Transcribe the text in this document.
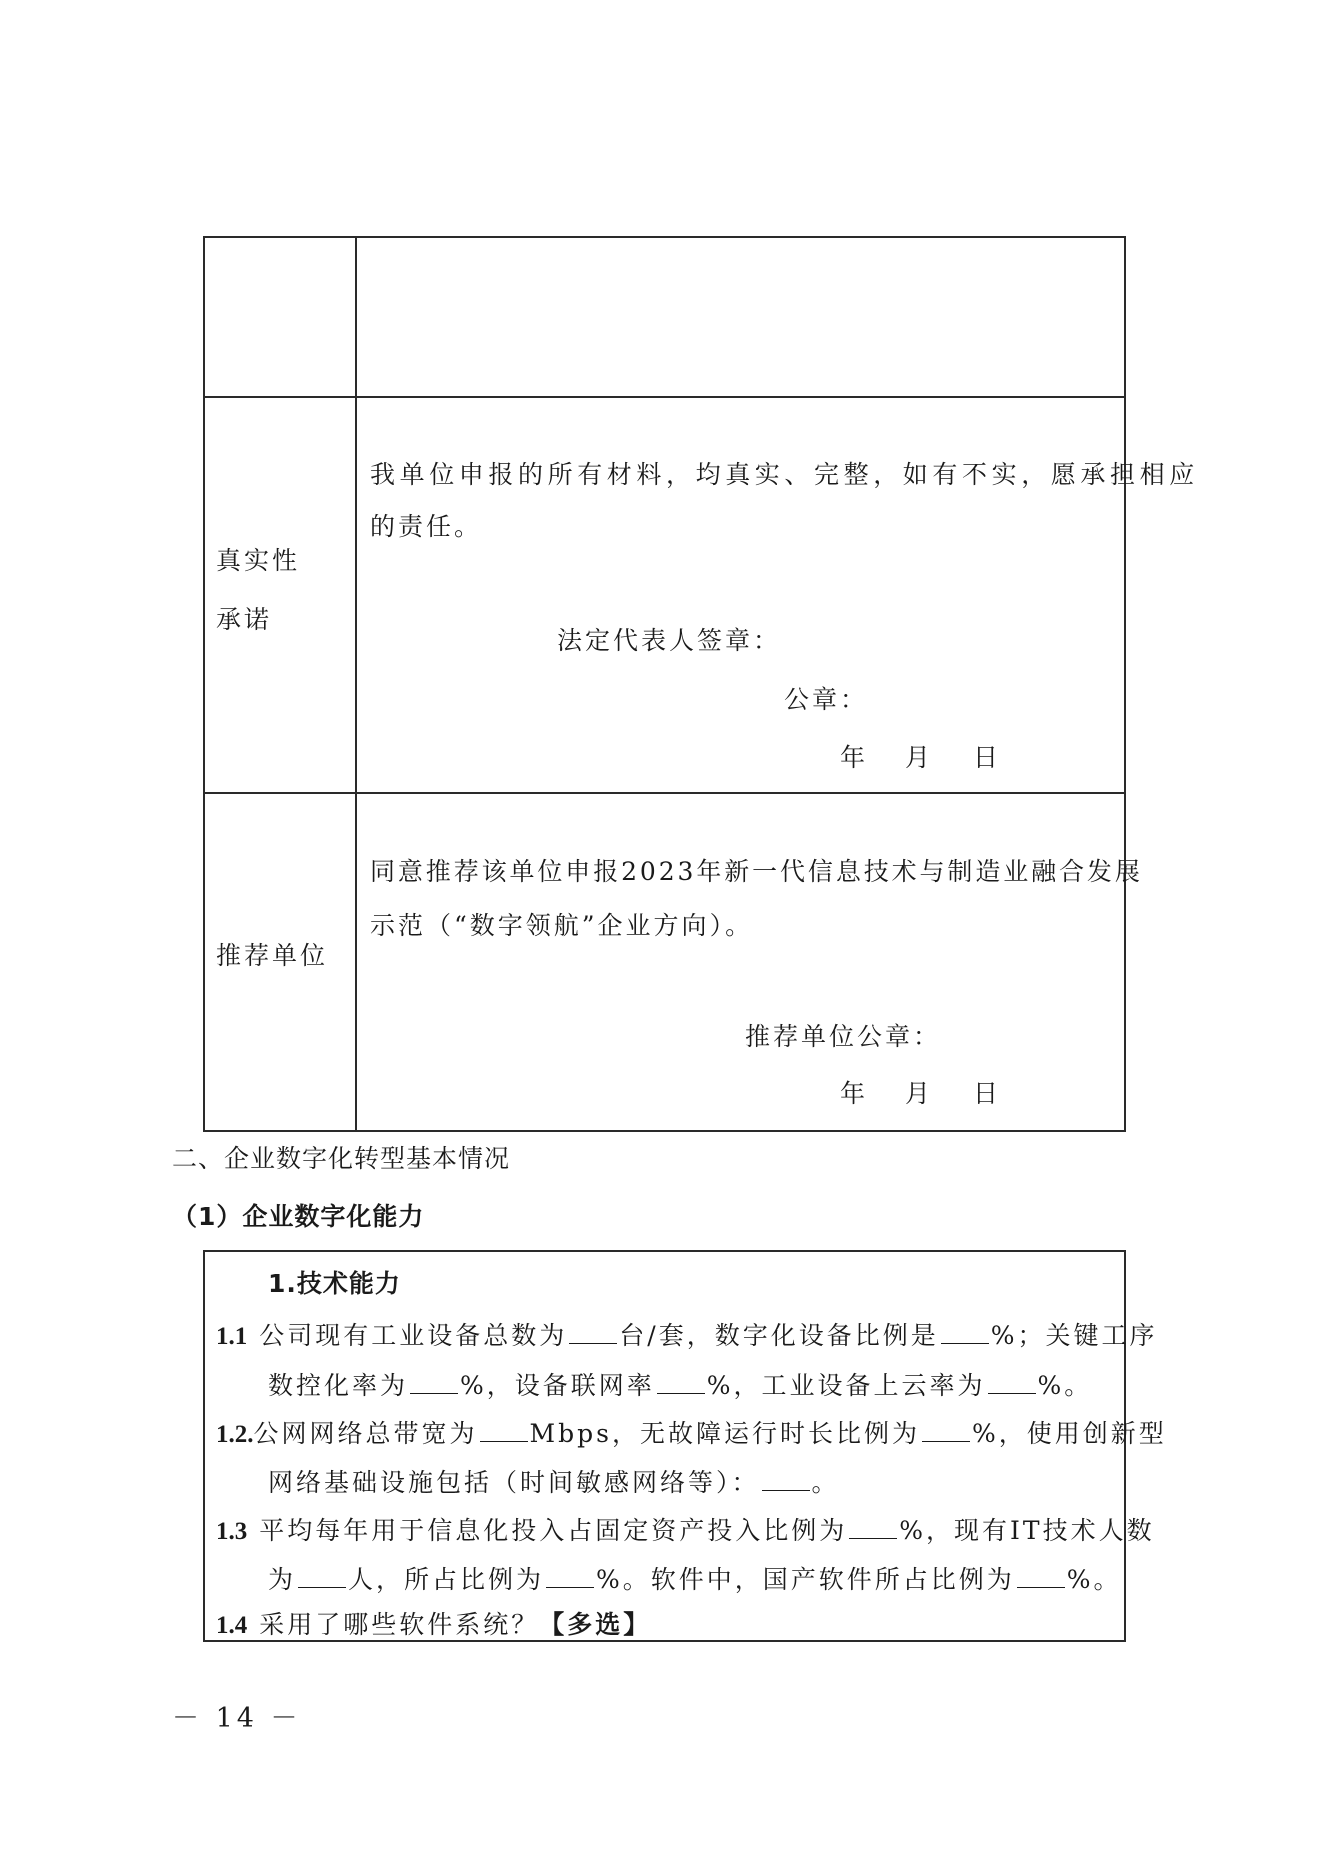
真实性
承诺
我单位申报的所有材料，均真实、完整，如有不实，愿承担相应
的责任。
法定代表人签章：
公章：
年 月 日
推荐单位
同意推荐该单位申报2023年新一代信息技术与制造业融合发展
示范（“数字领航”企业方向）。
推荐单位公章：
年 月 日
二、企业数字化转型基本情况
（1）企业数字化能力
1.技术能力
1.1 公司现有工业设备总数为 台/套，数字化设备比例是 %；关键工序
数控化率为 %，设备联网率 %，工业设备上云率为 %。
1.2.公网网络总带宽为 Mbps，无故障运行时长比例为 %，使用创新型
网络基础设施包括（时间敏感网络等）： 。
1.3 平均每年用于信息化投入占固定资产投入比例为 %，现有IT技术人数
为 人，所占比例为 %。软件中，国产软件所占比例为 %。
1.4 采用了哪些软件系统？【多选】
－ 14 －
